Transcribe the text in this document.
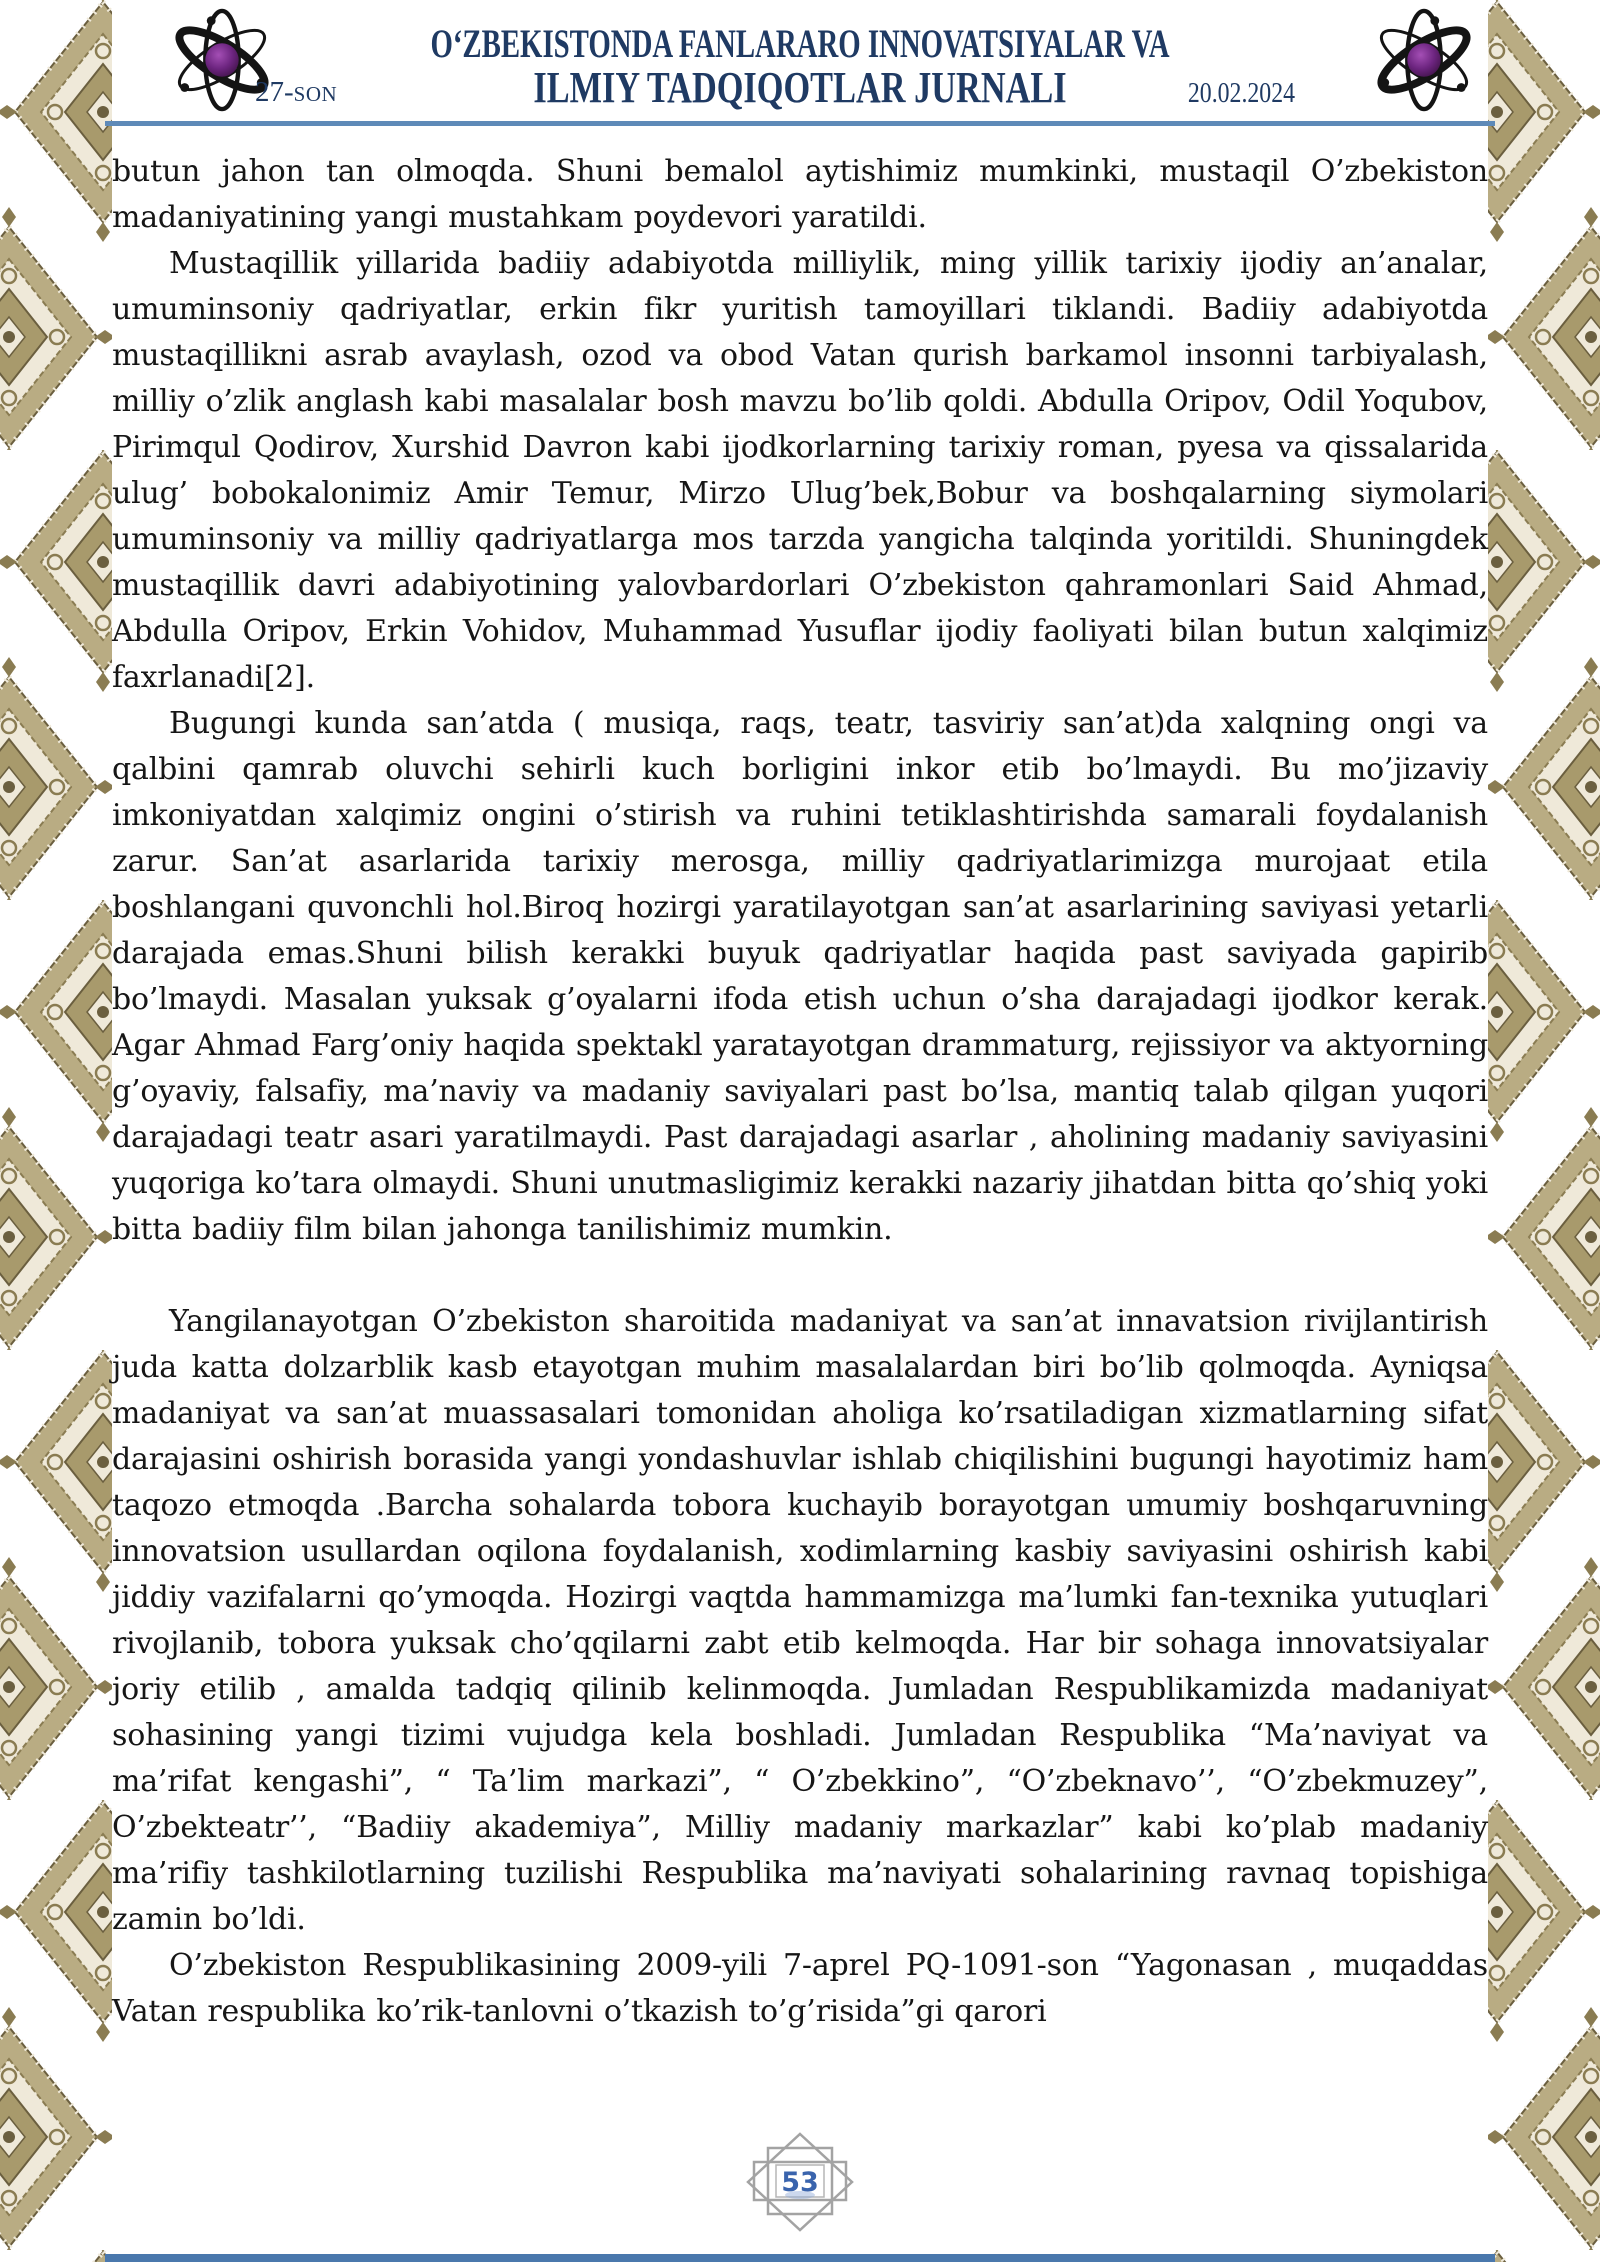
O‘ZBEKISTONDA FANLARARO INNOVATSIYALAR VA
ILMIY TADQIQOTLAR JURNALI
27-SON	20.02.2024

butun jahon tan olmoqda. Shuni bemalol aytishimiz mumkinki, mustaqil O’zbekiston madaniyatining yangi mustahkam poydevori yaratildi.

Mustaqillik yillarida badiiy adabiyotda milliylik, ming yillik tarixiy ijodiy an’analar, umuminsoniy qadriyatlar, erkin fikr yuritish tamoyillari tiklandi. Badiiy adabiyotda mustaqillikni asrab avaylash, ozod va obod Vatan qurish barkamol insonni tarbiyalash, milliy o’zlik anglash kabi masalalar bosh mavzu bo’lib qoldi. Abdulla Oripov, Odil Yoqubov, Pirimqul Qodirov, Xurshid Davron kabi ijodkorlarning tarixiy roman, pyesa va qissalarida ulug’ bobokalonimiz Amir Temur, Mirzo Ulug’bek,Bobur va boshqalarning siymolari umuminsoniy va milliy qadriyatlarga mos tarzda yangicha talqinda yoritildi. Shuningdek mustaqillik davri adabiyotining yalovbardorlari O’zbekiston qahramonlari Said Ahmad, Abdulla Oripov, Erkin Vohidov, Muhammad Yusuflar ijodiy faoliyati bilan butun xalqimiz faxrlanadi[2].

Bugungi kunda san’atda ( musiqa, raqs, teatr, tasviriy san’at)da xalqning ongi va qalbini qamrab oluvchi sehirli kuch borligini inkor etib bo’lmaydi. Bu mo’jizaviy imkoniyatdan xalqimiz ongini o’stirish va ruhini tetiklashtirishda samarali foydalanish zarur. San’at asarlarida tarixiy merosga, milliy qadriyatlarimizga murojaat etila boshlangani quvonchli hol.Biroq hozirgi yaratilayotgan san’at asarlarining saviyasi yetarli darajada emas.Shuni bilish kerakki buyuk qadriyatlar haqida past saviyada gapirib bo’lmaydi. Masalan yuksak g’oyalarni ifoda etish uchun o’sha darajadagi ijodkor kerak. Agar Ahmad Farg’oniy haqida spektakl yaratayotgan drammaturg, rejissiyor va aktyorning g’oyaviy, falsafiy, ma’naviy va madaniy saviyalari past bo’lsa, mantiq talab qilgan yuqori darajadagi teatr asari yaratilmaydi. Past darajadagi asarlar , aholining madaniy saviyasini yuqoriga ko’tara olmaydi. Shuni unutmasligimiz kerakki nazariy jihatdan bitta qo’shiq yoki bitta badiiy film bilan jahonga tanilishimiz mumkin.

Yangilanayotgan O’zbekiston sharoitida madaniyat va san’at innavatsion rivijlantirish juda katta dolzarblik kasb etayotgan muhim masalalardan biri bo’lib qolmoqda. Ayniqsa madaniyat va san’at muassasalari tomonidan aholiga ko’rsatiladigan xizmatlarning sifat darajasini oshirish borasida yangi yondashuvlar ishlab chiqilishini bugungi hayotimiz ham taqozo etmoqda .Barcha sohalarda tobora kuchayib borayotgan umumiy boshqaruvning innovatsion usullardan oqilona foydalanish, xodimlarning kasbiy saviyasini oshirish kabi jiddiy vazifalarni qo’ymoqda. Hozirgi vaqtda hammamizga ma’lumki fan-texnika yutuqlari rivojlanib, tobora yuksak cho’qqilarni zabt etib kelmoqda. Har bir sohaga innovatsiyalar joriy etilib , amalda tadqiq qilinib kelinmoqda. Jumladan Respublikamizda madaniyat sohasining yangi tizimi vujudga kela boshladi. Jumladan Respublika “Ma’naviyat va ma’rifat kengashi”, “ Ta’lim markazi”, “ O’zbekkino”, “O’zbeknavo’’, “O’zbekmuzey”, O’zbekteatr’’, “Badiiy akademiya”, Milliy madaniy markazlar” kabi ko’plab madaniy ma’rifiy tashkilotlarning tuzilishi Respublika ma’naviyati sohalarining ravnaq topishiga zamin bo’ldi.

O’zbekiston Respublikasining 2009-yili 7-aprel PQ-1091-son “Yagonasan , muqaddas Vatan respublika ko’rik-tanlovni o’tkazish to’g’risida”gi qarori

53
